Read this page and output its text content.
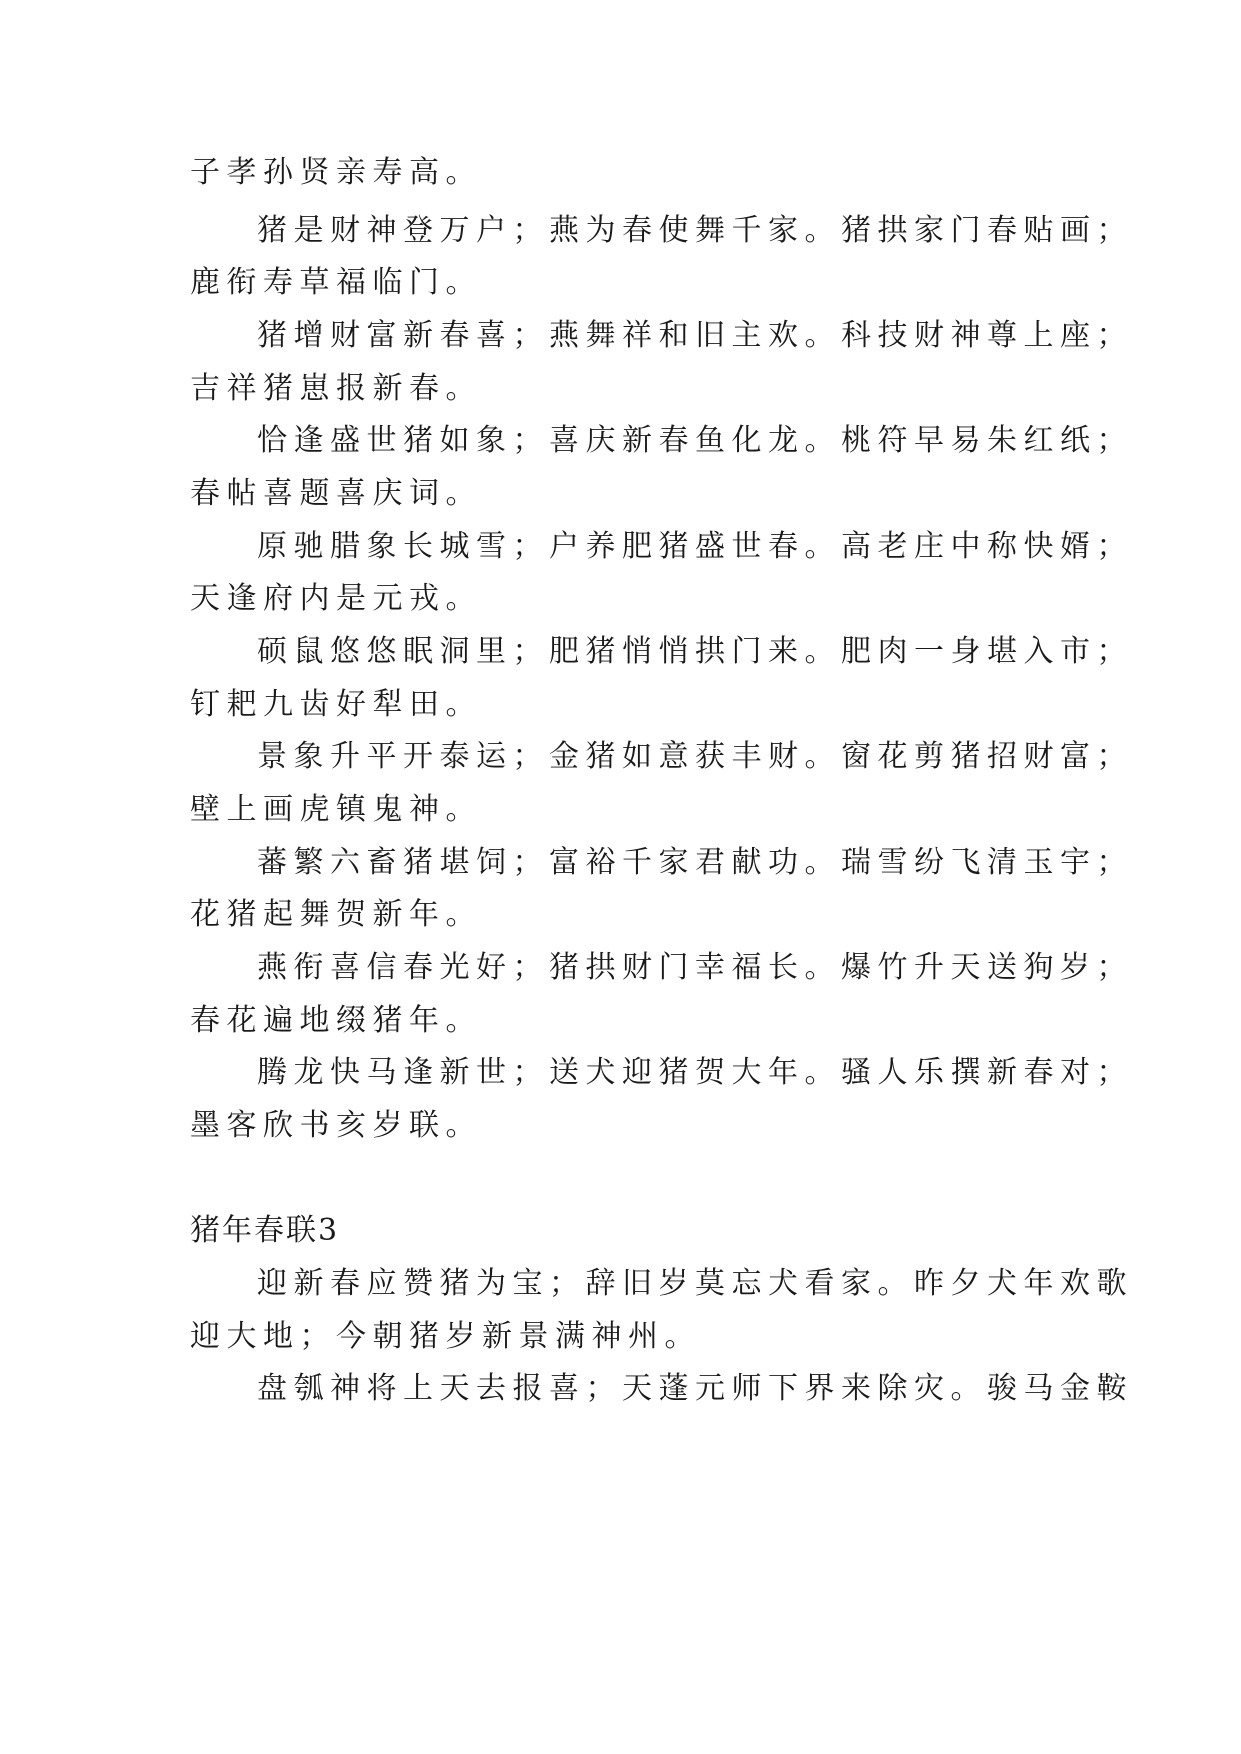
子孝孙贤亲寿高。
猪是财神登万户；燕为春使舞千家。猪拱家门春贴画；
鹿衔寿草福临门。
猪增财富新春喜；燕舞祥和旧主欢。科技财神尊上座；
吉祥猪崽报新春。
恰逢盛世猪如象；喜庆新春鱼化龙。桃符早易朱红纸；
春帖喜题喜庆词。
原驰腊象长城雪；户养肥猪盛世春。高老庄中称快婿；
天逢府内是元戎。
硕鼠悠悠眠洞里；肥猪悄悄拱门来。肥肉一身堪入市；
钉耙九齿好犁田。
景象升平开泰运；金猪如意获丰财。窗花剪猪招财富；
壁上画虎镇鬼神。
蕃繁六畜猪堪饲；富裕千家君献功。瑞雪纷飞清玉宇；
花猪起舞贺新年。
燕衔喜信春光好；猪拱财门幸福长。爆竹升天送狗岁；
春花遍地缀猪年。
腾龙快马逢新世；送犬迎猪贺大年。骚人乐撰新春对；
墨客欣书亥岁联。
猪年春联3
迎新春应赞猪为宝；辞旧岁莫忘犬看家。昨夕犬年欢歌
迎大地；今朝猪岁新景满神州。
盘瓠神将上天去报喜；天蓬元师下界来除灾。骏马金鞍
